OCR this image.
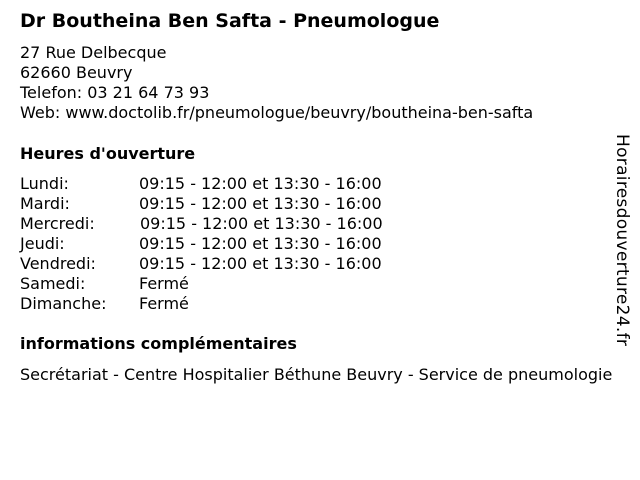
Dr Boutheina Ben Safta - Pneumologue
27 Rue Delbecque
62660 Beuvry
Telefon: 03 21 64 73 93
Web: www.doctolib.fr/pneumologue/beuvry/boutheina-ben-safta
Heures d'ouverture
Lundi:	09:15 - 12:00 et 13:30 - 16:00
Mardi:	09:15 - 12:00 et 13:30 - 16:00
Mercredi:	09:15 - 12:00 et 13:30 - 16:00
Jeudi:	09:15 - 12:00 et 13:30 - 16:00
Vendredi:	09:15 - 12:00 et 13:30 - 16:00
Samedi:	Fermé
Dimanche: Fermé
informations complémentaires
Secrétariat - Centre Hospitalier Béthune Beuvry - Service de pneumologie
Horairesdouverture24.fr
